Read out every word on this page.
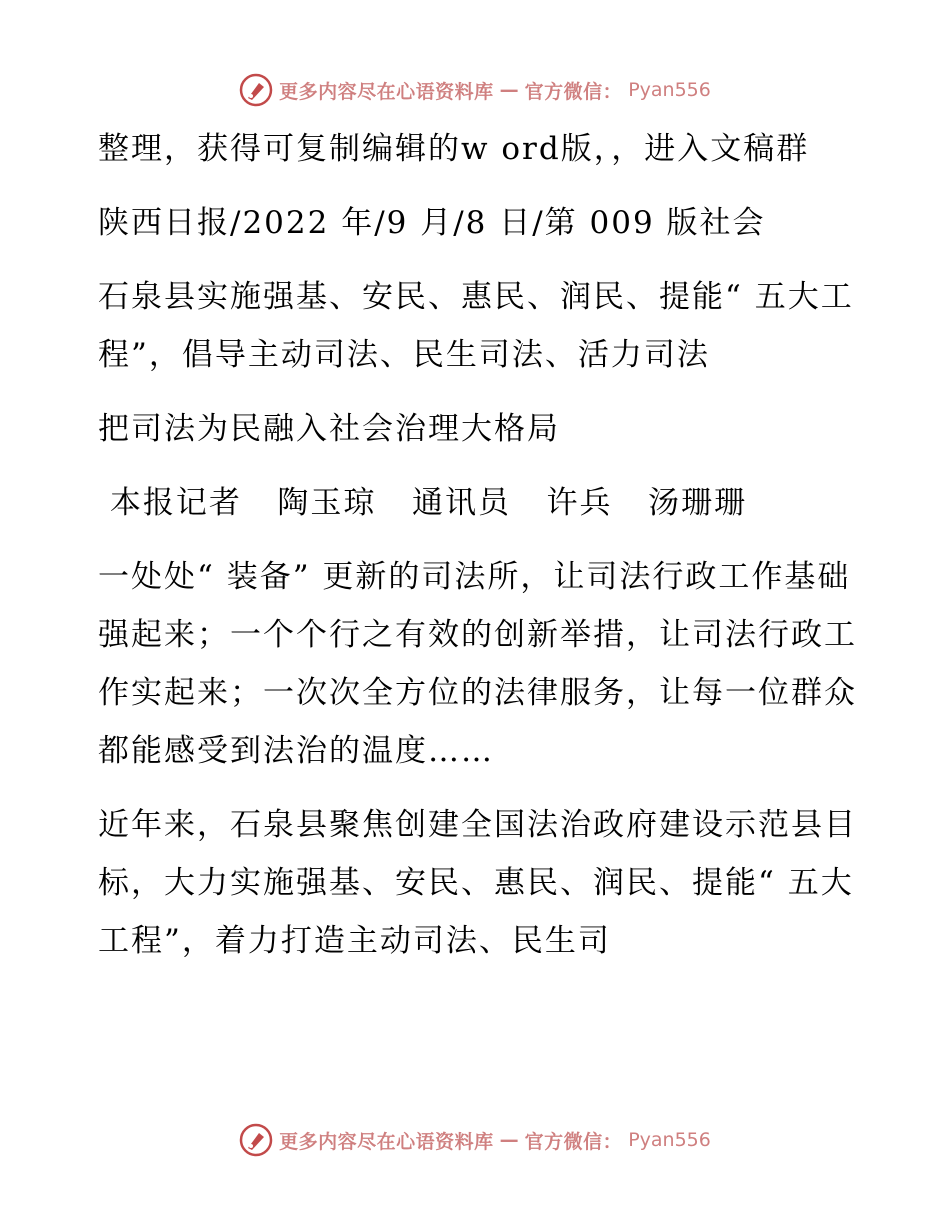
更多内容尽在心语资料库 — 官方微信： Pyan556

整理，获得可复制编辑的w ord版，，进入文稿群

陕西日报/2022 年/9 月/8 日/第 009 版社会

石泉县实施强基、安民、惠民、润民、提能“ 五大工程”，倡导主动司法、民生司法、活力司法

把司法为民融入社会治理大格局

本报记者   陶玉琼   通讯员   许兵   汤珊珊

一处处“ 装备” 更新的司法所，让司法行政工作基础强起来；一个个行之有效的创新举措，让司法行政工作实起来；一次次全方位的法律服务，让每一位群众都能感受到法治的温度……

近年来，石泉县聚焦创建全国法治政府建设示范县目标，大力实施强基、安民、惠民、润民、提能“ 五大工程”，着力打造主动司法、民生司

更多内容尽在心语资料库 — 官方微信： Pyan556
